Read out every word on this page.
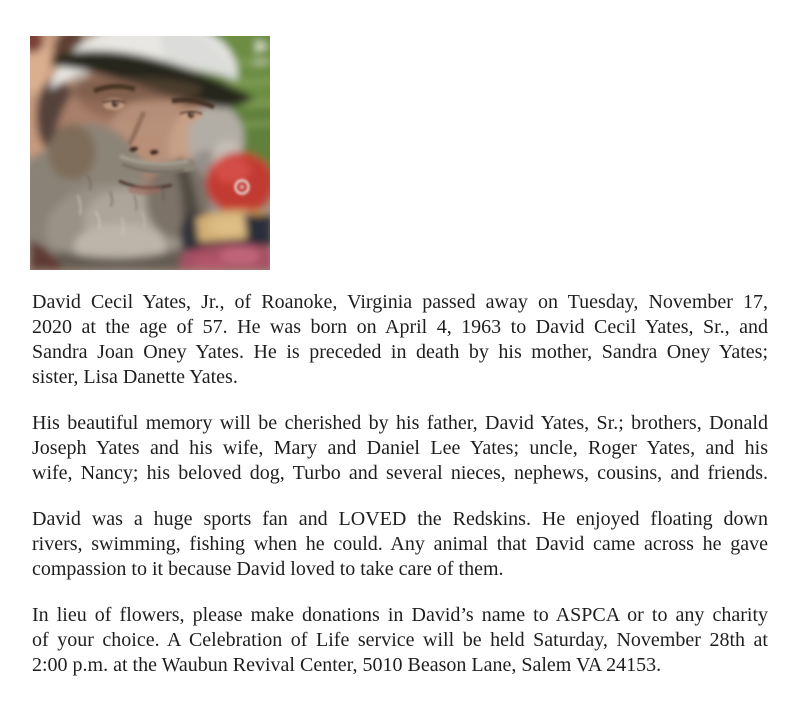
David Cecil Yates, Jr., of Roanoke, Virginia passed away on Tuesday, November 17,
2020 at the age of 57. He was born on April 4, 1963 to David Cecil Yates, Sr., and
Sandra Joan Oney Yates. He is preceded in death by his mother, Sandra Oney Yates;
sister, Lisa Danette Yates.

His beautiful memory will be cherished by his father, David Yates, Sr.; brothers, Donald
Joseph Yates and his wife, Mary and Daniel Lee Yates; uncle, Roger Yates, and his
wife, Nancy; his beloved dog, Turbo and several nieces, nephews, cousins, and friends.

David was a huge sports fan and LOVED the Redskins. He enjoyed floating down
rivers, swimming, fishing when he could. Any animal that David came across he gave
compassion to it because David loved to take care of them.

In lieu of flowers, please make donations in David’s name to ASPCA or to any charity
of your choice. A Celebration of Life service will be held Saturday, November 28th at
2:00 p.m. at the Waubun Revival Center, 5010 Beason Lane, Salem VA 24153.
